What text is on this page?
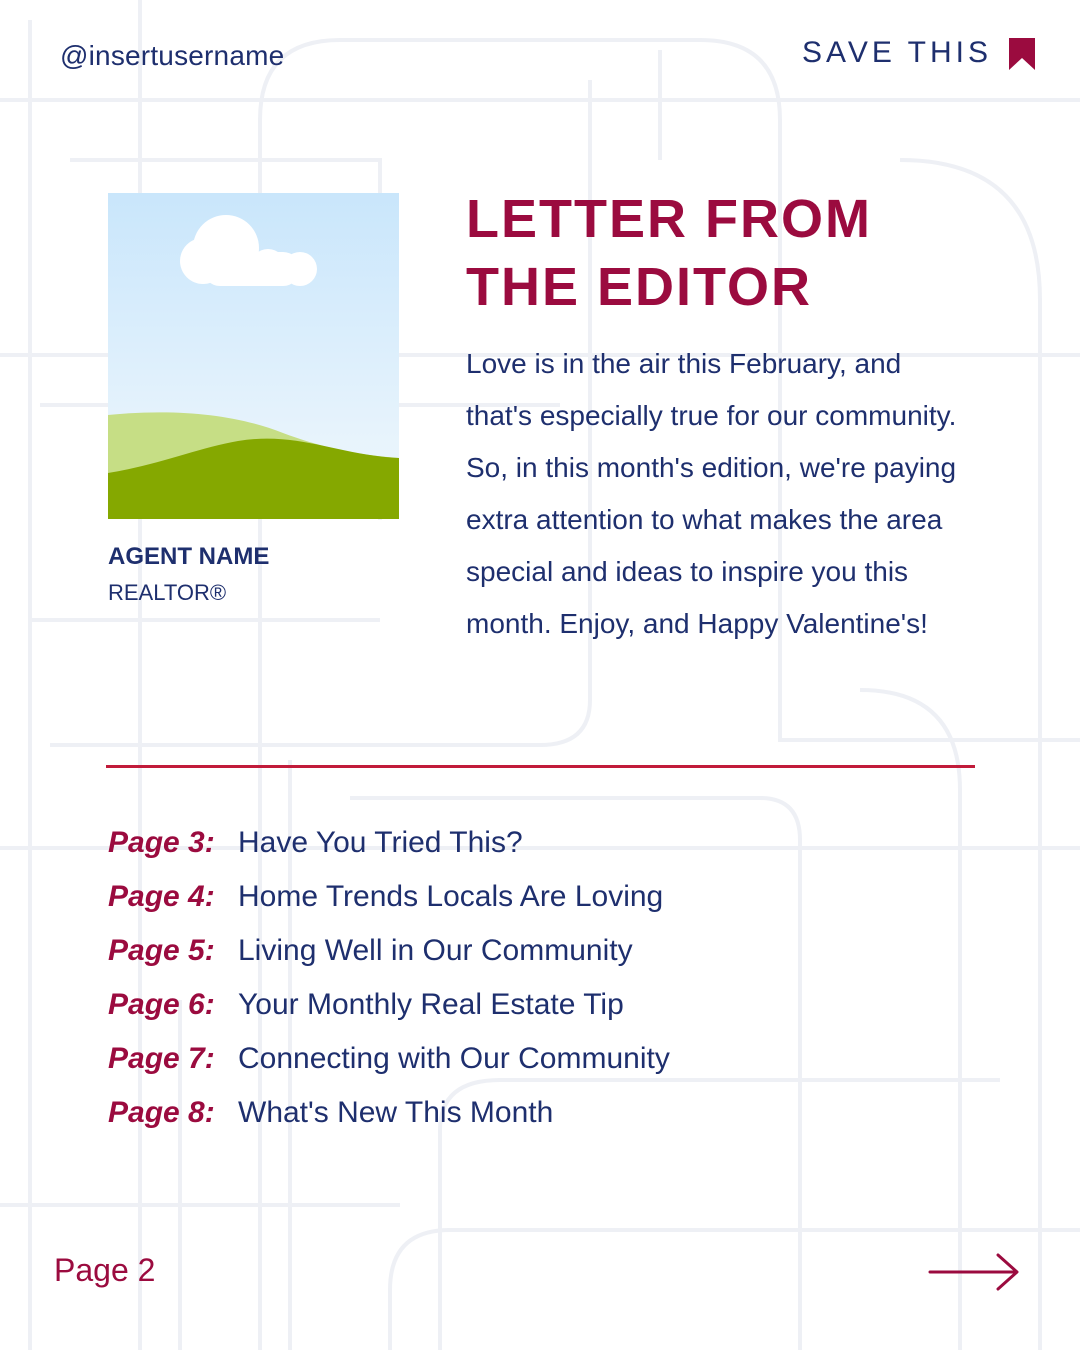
@insertusername	SAVE THIS
AGENT NAME
REALTOR®
LETTER FROM
THE EDITOR
Love is in the air this February, and that's especially true for our community. So, in this month's edition, we're paying extra attention to what makes the area special and ideas to inspire you this month. Enjoy, and Happy Valentine's!
Page 3: Have You Tried This?
Page 4: Home Trends Locals Are Loving
Page 5: Living Well in Our Community
Page 6: Your Monthly Real Estate Tip
Page 7: Connecting with Our Community
Page 8: What's New This Month
Page 2
